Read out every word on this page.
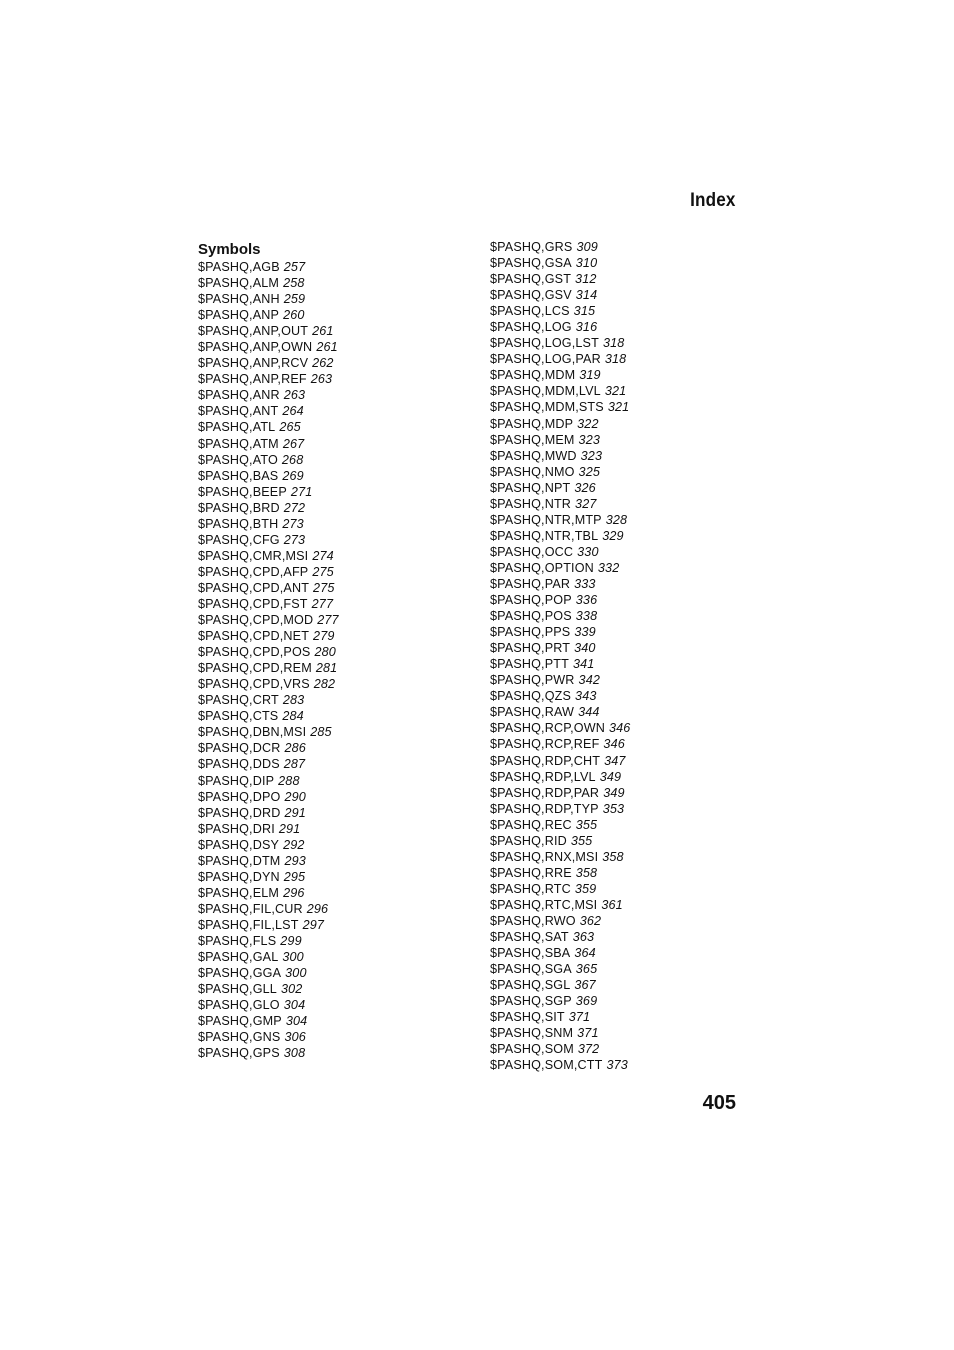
Index
Symbols
$PASHQ,AGB 257
$PASHQ,ALM 258
$PASHQ,ANH 259
$PASHQ,ANP 260
$PASHQ,ANP,OUT 261
$PASHQ,ANP,OWN 261
$PASHQ,ANP,RCV 262
$PASHQ,ANP,REF 263
$PASHQ,ANR 263
$PASHQ,ANT 264
$PASHQ,ATL 265
$PASHQ,ATM 267
$PASHQ,ATO 268
$PASHQ,BAS 269
$PASHQ,BEEP 271
$PASHQ,BRD 272
$PASHQ,BTH 273
$PASHQ,CFG 273
$PASHQ,CMR,MSI 274
$PASHQ,CPD,AFP 275
$PASHQ,CPD,ANT 275
$PASHQ,CPD,FST 277
$PASHQ,CPD,MOD 277
$PASHQ,CPD,NET 279
$PASHQ,CPD,POS 280
$PASHQ,CPD,REM 281
$PASHQ,CPD,VRS 282
$PASHQ,CRT 283
$PASHQ,CTS 284
$PASHQ,DBN,MSI 285
$PASHQ,DCR 286
$PASHQ,DDS 287
$PASHQ,DIP 288
$PASHQ,DPO 290
$PASHQ,DRD 291
$PASHQ,DRI 291
$PASHQ,DSY 292
$PASHQ,DTM 293
$PASHQ,DYN 295
$PASHQ,ELM 296
$PASHQ,FIL,CUR 296
$PASHQ,FIL,LST 297
$PASHQ,FLS 299
$PASHQ,GAL 300
$PASHQ,GGA 300
$PASHQ,GLL 302
$PASHQ,GLO 304
$PASHQ,GMP 304
$PASHQ,GNS 306
$PASHQ,GPS 308
$PASHQ,GRS 309
$PASHQ,GSA 310
$PASHQ,GST 312
$PASHQ,GSV 314
$PASHQ,LCS 315
$PASHQ,LOG 316
$PASHQ,LOG,LST 318
$PASHQ,LOG,PAR 318
$PASHQ,MDM 319
$PASHQ,MDM,LVL 321
$PASHQ,MDM,STS 321
$PASHQ,MDP 322
$PASHQ,MEM 323
$PASHQ,MWD 323
$PASHQ,NMO 325
$PASHQ,NPT 326
$PASHQ,NTR 327
$PASHQ,NTR,MTP 328
$PASHQ,NTR,TBL 329
$PASHQ,OCC 330
$PASHQ,OPTION 332
$PASHQ,PAR 333
$PASHQ,POP 336
$PASHQ,POS 338
$PASHQ,PPS 339
$PASHQ,PRT 340
$PASHQ,PTT 341
$PASHQ,PWR 342
$PASHQ,QZS 343
$PASHQ,RAW 344
$PASHQ,RCP,OWN 346
$PASHQ,RCP,REF 346
$PASHQ,RDP,CHT 347
$PASHQ,RDP,LVL 349
$PASHQ,RDP,PAR 349
$PASHQ,RDP,TYP 353
$PASHQ,REC 355
$PASHQ,RID 355
$PASHQ,RNX,MSI 358
$PASHQ,RRE 358
$PASHQ,RTC 359
$PASHQ,RTC,MSI 361
$PASHQ,RWO 362
$PASHQ,SAT 363
$PASHQ,SBA 364
$PASHQ,SGA 365
$PASHQ,SGL 367
$PASHQ,SGP 369
$PASHQ,SIT 371
$PASHQ,SNM 371
$PASHQ,SOM 372
$PASHQ,SOM,CTT 373
405
